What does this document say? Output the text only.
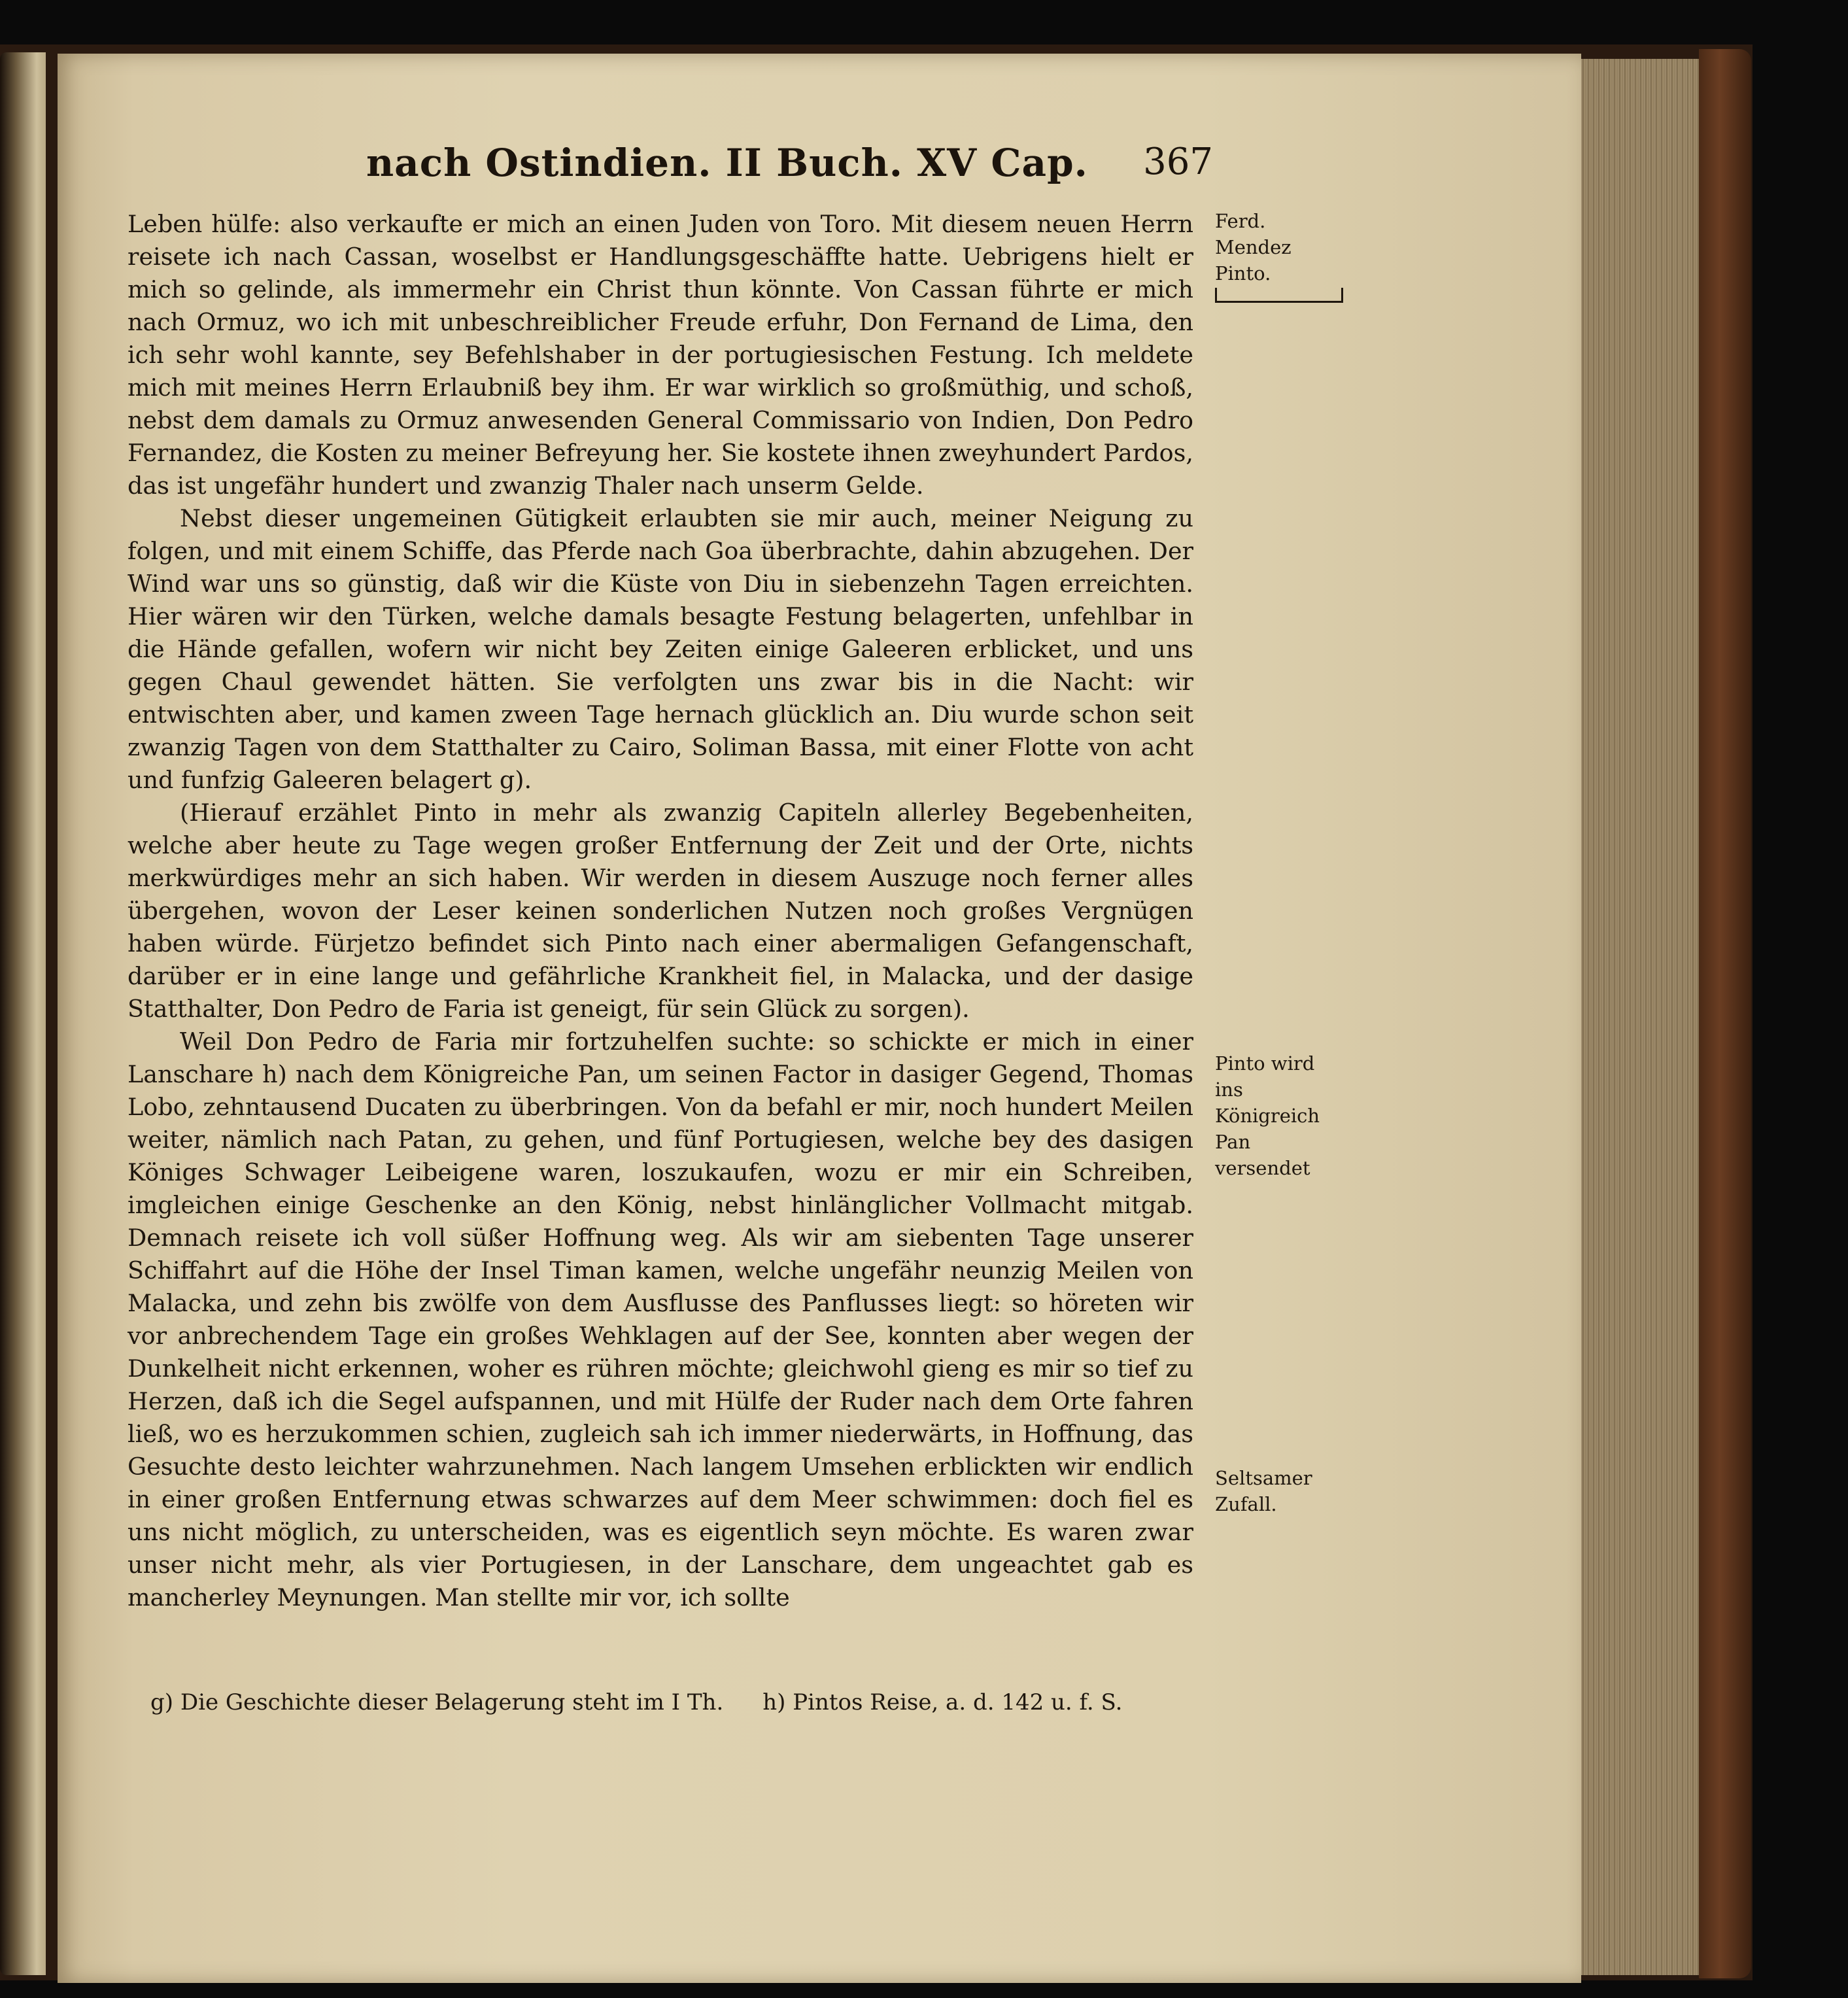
nach Ostindien. II Buch. XV Cap.	367

Leben hülfe: also verkaufte er mich an einen Juden von Toro. Mit diesem neuen Herrn reisete ich nach Cassan, woselbst er Handlungsgeschäffte hatte. Uebrigens hielt er mich so gelinde, als immermehr ein Christ thun könnte. Von Cassan führte er mich nach Ormuz, wo ich mit unbeschreiblicher Freude erfuhr, Don Fernand de Lima, den ich sehr wohl kannte, sey Befehlshaber in der portugiesischen Festung. Ich meldete mich mit meines Herrn Erlaubniß bey ihm. Er war wirklich so großmüthig, und schoß, nebst dem damals zu Ormuz anwesenden General Commissario von Indien, Don Pedro Fernandez, die Kosten zu meiner Befreyung her. Sie kostete ihnen zweyhundert Pardos, das ist ungefähr hundert und zwanzig Thaler nach unserm Gelde.

Nebst dieser ungemeinen Gütigkeit erlaubten sie mir auch, meiner Neigung zu folgen, und mit einem Schiffe, das Pferde nach Goa überbrachte, dahin abzugehen. Der Wind war uns so günstig, daß wir die Küste von Diu in siebenzehn Tagen erreichten. Hier wären wir den Türken, welche damals besagte Festung belagerten, unfehlbar in die Hände gefallen, wofern wir nicht bey Zeiten einige Galeeren erblicket, und uns gegen Chaul gewendet hätten. Sie verfolgten uns zwar bis in die Nacht: wir entwischten aber, und kamen zween Tage hernach glücklich an. Diu wurde schon seit zwanzig Tagen von dem Statthalter zu Cairo, Soliman Bassa, mit einer Flotte von acht und funfzig Galeeren belagert g).

(Hierauf erzählet Pinto in mehr als zwanzig Capiteln allerley Begebenheiten, welche aber heute zu Tage wegen großer Entfernung der Zeit und der Orte, nichts merkwürdiges mehr an sich haben. Wir werden in diesem Auszuge noch ferner alles übergehen, wovon der Leser keinen sonderlichen Nutzen noch großes Vergnügen haben würde. Fürjetzo befindet sich Pinto nach einer abermaligen Gefangenschaft, darüber er in eine lange und gefährliche Krankheit fiel, in Malacka, und der dasige Statthalter, Don Pedro de Faria ist geneigt, für sein Glück zu sorgen).

Weil Don Pedro de Faria mir fortzuhelfen suchte: so schickte er mich in einer Lanschare h) nach dem Königreiche Pan, um seinen Factor in dasiger Gegend, Thomas Lobo, zehntausend Ducaten zu überbringen. Von da befahl er mir, noch hundert Meilen weiter, nämlich nach Patan, zu gehen, und fünf Portugiesen, welche bey des dasigen Königes Schwager Leibeigene waren, loszukaufen, wozu er mir ein Schreiben, imgleichen einige Geschenke an den König, nebst hinlänglicher Vollmacht mitgab. Demnach reisete ich voll süßer Hoffnung weg. Als wir am siebenten Tage unserer Schiffahrt auf die Höhe der Insel Timan kamen, welche ungefähr neunzig Meilen von Malacka, und zehn bis zwölfe von dem Ausflusse des Panflusses liegt: so höreten wir vor anbrechendem Tage ein großes Wehklagen auf der See, konnten aber wegen der Dunkelheit nicht erkennen, woher es rühren möchte; gleichwohl gieng es mir so tief zu Herzen, daß ich die Segel aufspannen, und mit Hülfe der Ruder nach dem Orte fahren ließ, wo es herzukommen schien, zugleich sah ich immer niederwärts, in Hoffnung, das Gesuchte desto leichter wahrzunehmen. Nach langem Umsehen erblickten wir endlich in einer großen Entfernung etwas schwarzes auf dem Meer schwimmen: doch fiel es uns nicht möglich, zu unterscheiden, was es eigentlich seyn möchte. Es waren zwar unser nicht mehr, als vier Portugiesen, in der Lanschare, dem ungeachtet gab es mancherley Meynungen. Man stellte mir vor, ich sollte

Ferd. Mendez Pinto.
Pinto wird ins Königreich Pan versendet
Seltsamer Zufall.
g) Die Geschichte dieser Belagerung steht im I Th. h) Pintos Reise, a. d. 142 u. f. S.
